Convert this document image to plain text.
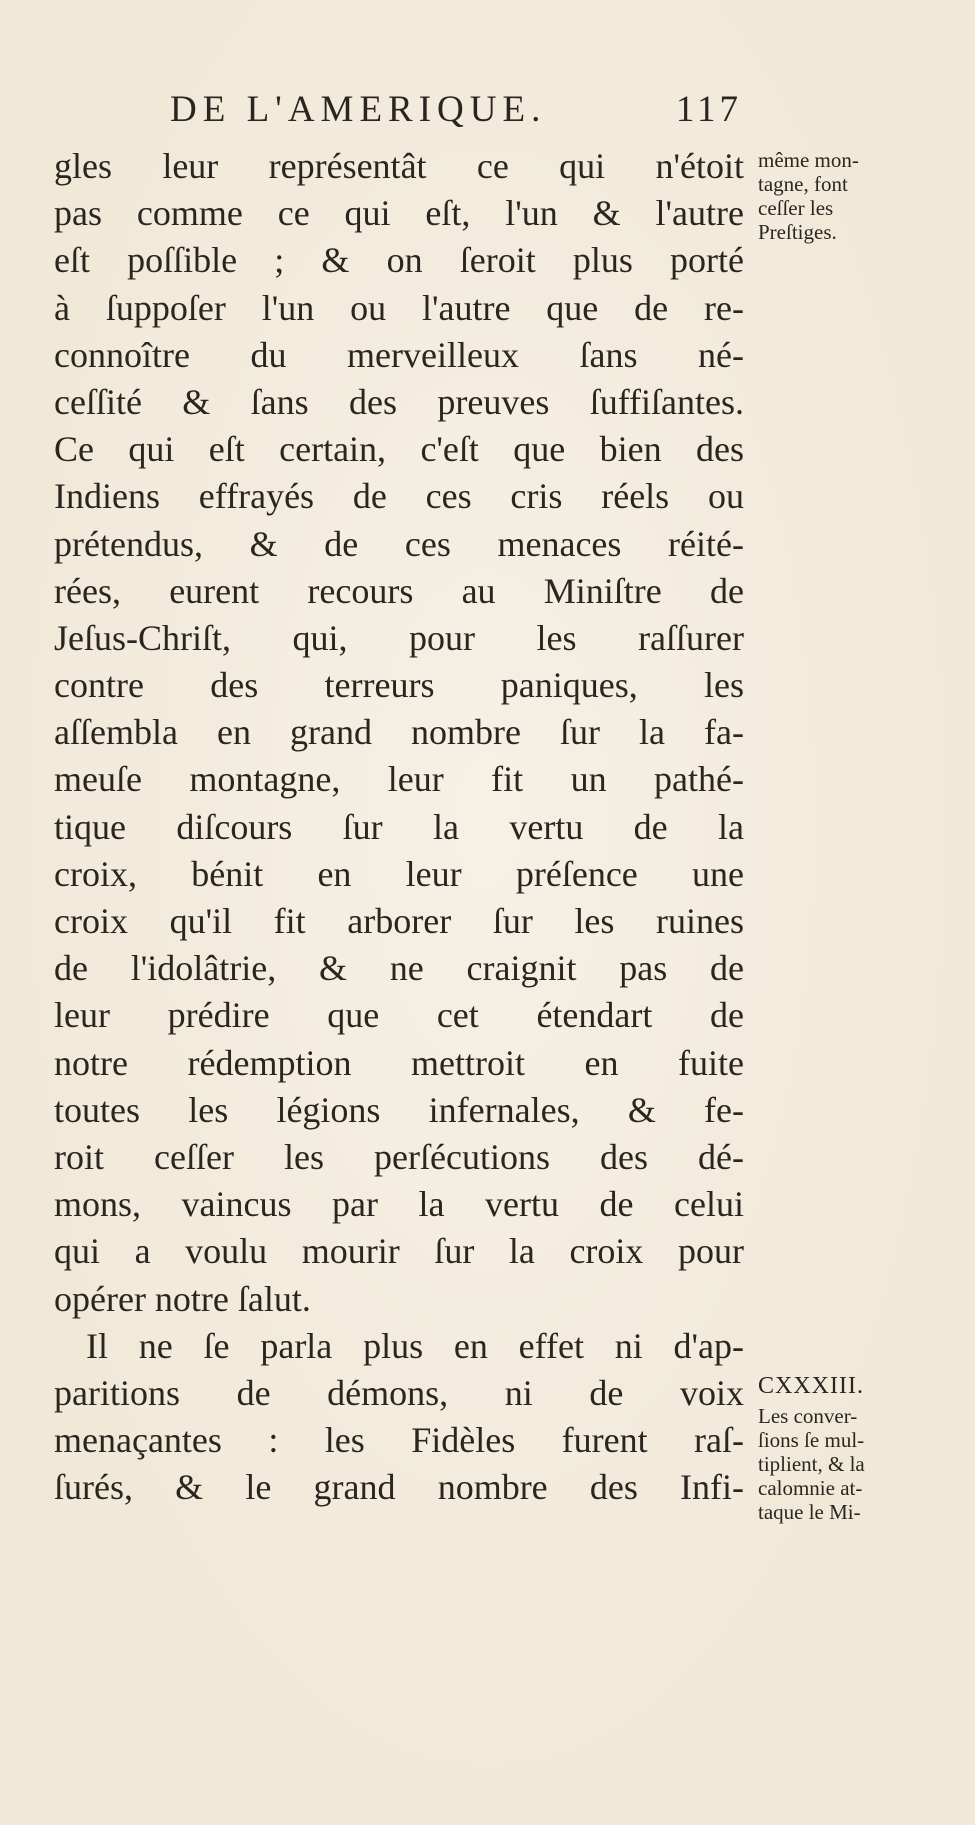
DE L'AMERIQUE.	117
gles leur représentât ce qui n'étoit
pas comme ce qui eſt, l'un & l'autre
eſt poſſible ; & on ſeroit plus porté
à ſuppoſer l'un ou l'autre que de re-
connoître du merveilleux ſans né-
ceſſité & ſans des preuves ſuffiſantes.
Ce qui eſt certain, c'eſt que bien des
Indiens effrayés de ces cris réels ou
prétendus, & de ces menaces réité-
rées, eurent recours au Miniſtre de
Jeſus-Chriſt, qui, pour les raſſurer
contre des terreurs paniques, les
aſſembla en grand nombre ſur la fa-
meuſe montagne, leur fit un pathé-
tique diſcours ſur la vertu de la
croix, bénit en leur préſence une
croix qu'il fit arborer ſur les ruines
de l'idolâtrie, & ne craignit pas de
leur prédire que cet étendart de
notre rédemption mettroit en fuite
toutes les légions infernales, & fe-
roit ceſſer les perſécutions des dé-
mons, vaincus par la vertu de celui
qui a voulu mourir ſur la croix pour
opérer notre ſalut.
Il ne ſe parla plus en effet ni d'ap-
paritions de démons, ni de voix
menaçantes : les Fidèles furent raſ-
ſurés, & le grand nombre des Infi-
même mon-
tagne, font
ceſſer les
Preſtiges.
CXXXIII.
Les conver-
ſions ſe mul-
tiplient, & la
calomnie at-
taque le Mi-
